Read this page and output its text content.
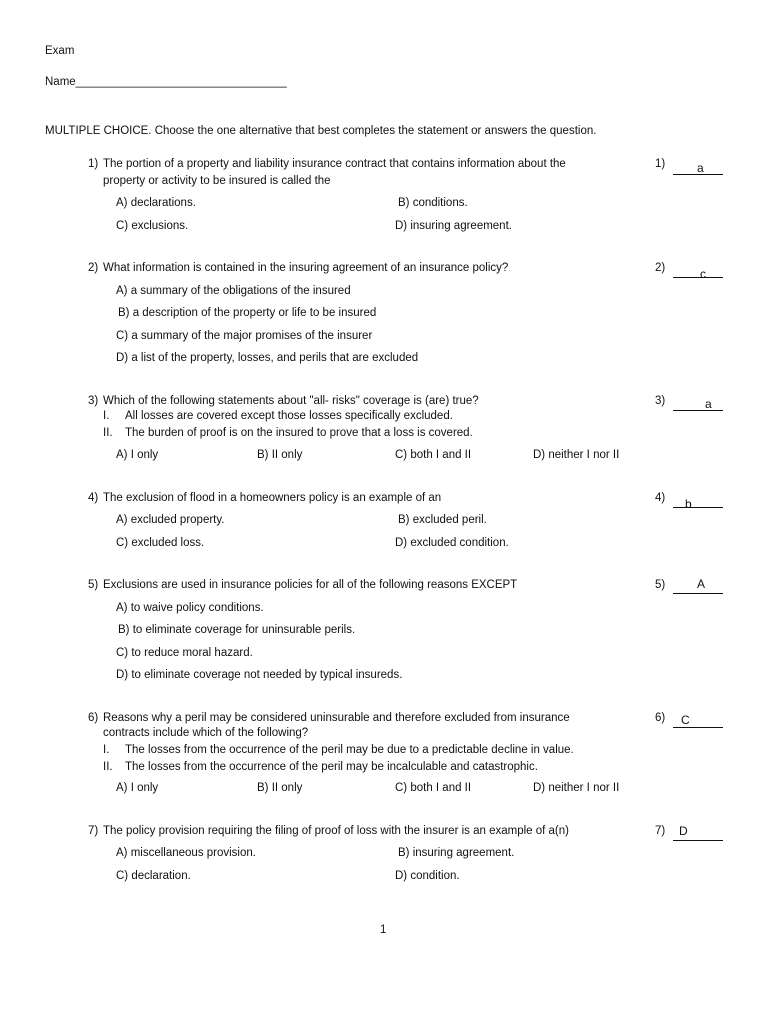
Exam
Name_________________________________
MULTIPLE CHOICE. Choose the one alternative that best completes the statement or answers the question.
1) The portion of a property and liability insurance contract that contains information about the
property or activity to be insured is called the
1)	a
A) declarations.	B) conditions.
C) exclusions.	D) insuring agreement.
2) What information is contained in the insuring agreement of an insurance policy?	2)	c
A) a summary of the obligations of the insured
B) a description of the property or life to be insured
C) a summary of the major promises of the insurer
D) a list of the property, losses, and perils that are excluded
3) Which of the following statements about "all- risks" coverage is (are) true?
I. All losses are covered except those losses specifically excluded.
II. The burden of proof is on the insured to prove that a loss is covered.
3)	a
A) I only	B) II only	C) both I and II	D) neither I nor II
4) The exclusion of flood in a homeowners policy is an example of an	4) b
A) excluded property.	B) excluded peril.
C) excluded loss.	D) excluded condition.
5) Exclusions are used in insurance policies for all of the following reasons EXCEPT	5)	A
A) to waive policy conditions.
B) to eliminate coverage for uninsurable perils.
C) to reduce moral hazard.
D) to eliminate coverage not needed by typical insureds.
6) Reasons why a peril may be considered uninsurable and therefore excluded from insurance
contracts include which of the following?
I. The losses from the occurrence of the peril may be due to a predictable decline in value.
II. The losses from the occurrence of the peril may be incalculable and catastrophic.
6) C
A) I only	B) II only	C) both I and II	D) neither I nor II
7) The policy provision requiring the filing of proof of loss with the insurer is an example of a(n)	7) D
A) miscellaneous provision.	B) insuring agreement.
C) declaration.	D) condition.
1
